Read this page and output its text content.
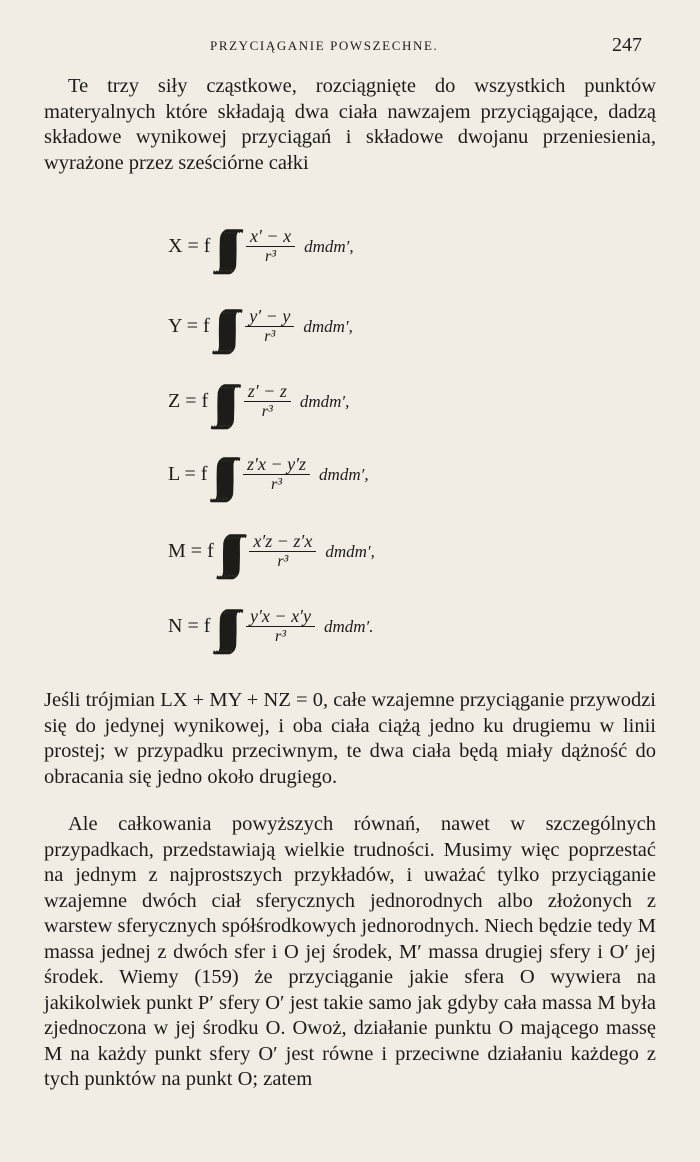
PRZYCIĄGANIE POWSZECHNE.	247

Te trzy siły cząstkowe, rozciągnięte do wszystkich punktów materyalnych które składają dwa ciała nawzajem przyciągające, dadzą składowe wynikowej przyciągań i składowe dwojanu przeniesienia, wyrażone przez sześciórne całki

X = f ∫∫∫∫∫∫ $\frac{x' - x}{\text{r³}}$ dmdm′,
Y = f ∫∫∫∫∫∫ $\frac{y' - y}{\text{r³}}$ dmdm′,
Z = f ∫∫∫∫∫∫ $\frac{z' - z}{\text{r³}}$ dmdm′,
L = f ∫∫∫∫∫∫ $\frac{z'x - y'z}{\text{r³}}$ dmdm′,
M = f ∫∫∫∫∫∫ $\frac{x'z - z'x}{\text{r³}}$ dmdm′,
N = f ∫∫∫∫∫∫ $\frac{y'x - x'y}{\text{r³}}$ dmdm′.

Jeśli trójmian LX + MY + NZ = 0, całe wzajemne przyciąganie przywodzi się do jedynej wynikowej, i oba ciała ciążą jedno ku drugiemu w linii prostej; w przypadku przeciwnym, te dwa ciała będą miały dążność do obracania się jedno około drugiego.

Ale całkowania powyższych równań, nawet w szczególnych przypadkach, przedstawiają wielkie trudności. Musimy więc poprzestać na jednym z najprostszych przykładów, i uważać tylko przyciąganie wzajemne dwóch ciał sferycznych jednorodnych albo złożonych z warstew sferycznych spółśrodkowych jednorodnych. Niech będzie tedy M massa jednej z dwóch sfer i O jej środek, M′ massa drugiej sfery i O′ jej środek. Wiemy (159) że przyciąganie jakie sfera O wywiera na jakikolwiek punkt P′ sfery O′ jest takie samo jak gdyby cała massa M była zjednoczona w jej środku O. Owoż, działanie punktu O mającego massę M na każdy punkt sfery O′ jest równe i przeciwne działaniu każdego z tych punktów na punkt O; zatem
